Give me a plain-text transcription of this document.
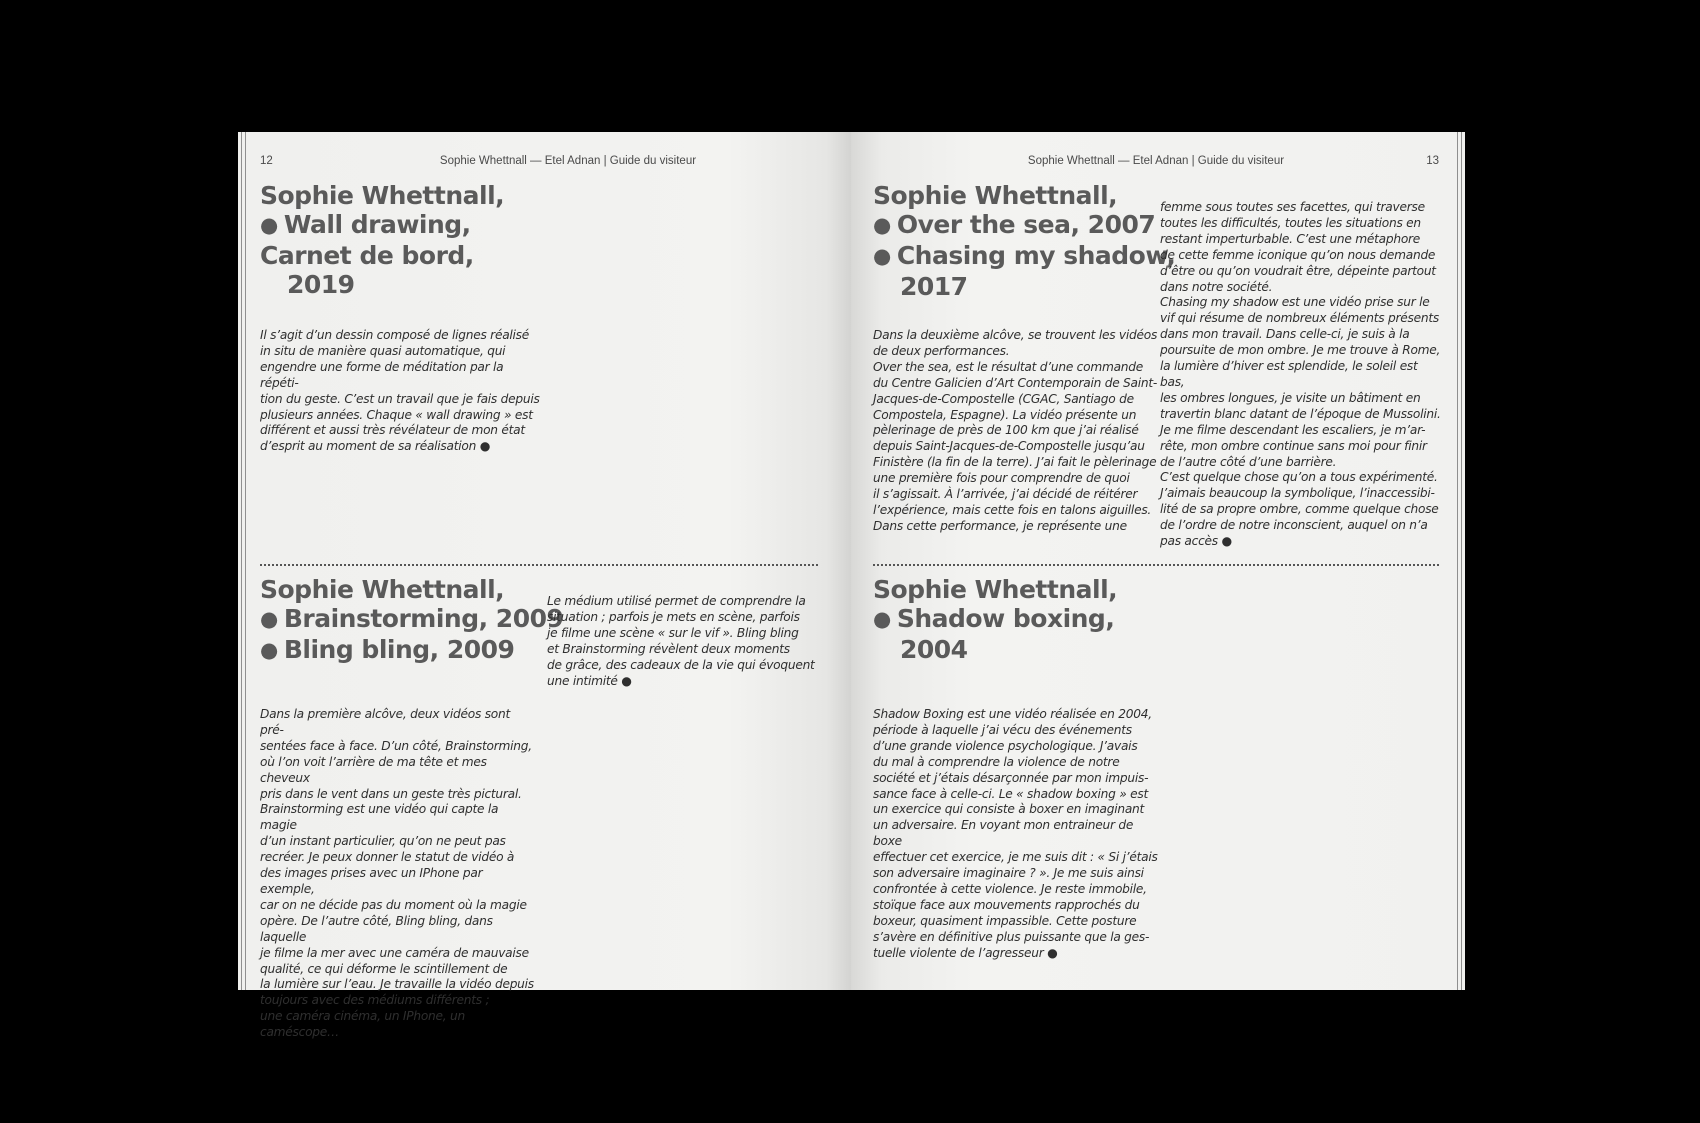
12	Sophie Whettnall — Etel Adnan | Guide du visiteur
Sophie Whettnall,
● Wall drawing,
Carnet de bord,
2019

Il s’agit d’un dessin composé de lignes réalisé
in situ de manière quasi automatique, qui
engendre une forme de méditation par la répéti-
tion du geste. C’est un travail que je fais depuis
plusieurs années. Chaque « wall drawing » est
différent et aussi très révélateur de mon état
d’esprit au moment de sa réalisation ●

Sophie Whettnall,
● Brainstorming, 2009
● Bling bling, 2009

Dans la première alcôve, deux vidéos sont pré-
sentées face à face. D’un côté, Brainstorming,
où l’on voit l’arrière de ma tête et mes cheveux
pris dans le vent dans un geste très pictural.
Brainstorming est une vidéo qui capte la magie
d’un instant particulier, qu’on ne peut pas
recréer. Je peux donner le statut de vidéo à
des images prises avec un IPhone par exemple,
car on ne décide pas du moment où la magie
opère. De l’autre côté, Bling bling, dans laquelle
je filme la mer avec une caméra de mauvaise
qualité, ce qui déforme le scintillement de
la lumière sur l’eau. Je travaille la vidéo depuis
toujours avec des médiums différents ;
une caméra cinéma, un IPhone, un caméscope…

Le médium utilisé permet de comprendre la
situation ; parfois je mets en scène, parfois
je filme une scène « sur le vif ». Bling bling
et Brainstorming révèlent deux moments
de grâce, des cadeaux de la vie qui évoquent
une intimité ●

Sophie Whettnall — Etel Adnan | Guide du visiteur	13
Sophie Whettnall,
● Over the sea, 2007
● Chasing my shadow,
2017

Dans la deuxième alcôve, se trouvent les vidéos
de deux performances.
Over the sea, est le résultat d’une commande
du Centre Galicien d’Art Contemporain de Saint-
Jacques-de-Compostelle (CGAC, Santiago de
Compostela, Espagne). La vidéo présente un
pèlerinage de près de 100 km que j’ai réalisé
depuis Saint-Jacques-de-Compostelle jusqu’au
Finistère (la fin de la terre). J’ai fait le pèlerinage
une première fois pour comprendre de quoi
il s’agissait. À l’arrivée, j’ai décidé de réitérer
l’expérience, mais cette fois en talons aiguilles.
Dans cette performance, je représente une

femme sous toutes ses facettes, qui traverse
toutes les difficultés, toutes les situations en
restant imperturbable. C’est une métaphore
de cette femme iconique qu’on nous demande
d’être ou qu’on voudrait être, dépeinte partout
dans notre société.
Chasing my shadow est une vidéo prise sur le
vif qui résume de nombreux éléments présents
dans mon travail. Dans celle-ci, je suis à la
poursuite de mon ombre. Je me trouve à Rome,
la lumière d’hiver est splendide, le soleil est bas,
les ombres longues, je visite un bâtiment en
travertin blanc datant de l’époque de Mussolini.
Je me filme descendant les escaliers, je m’ar-
rête, mon ombre continue sans moi pour finir
de l’autre côté d’une barrière.
C’est quelque chose qu’on a tous expérimenté.
J’aimais beaucoup la symbolique, l’inaccessibi-
lité de sa propre ombre, comme quelque chose
de l’ordre de notre inconscient, auquel on n’a
pas accès ●

Sophie Whettnall,
● Shadow boxing,
2004

Shadow Boxing est une vidéo réalisée en 2004,
période à laquelle j’ai vécu des événements
d’une grande violence psychologique. J’avais
du mal à comprendre la violence de notre
société et j’étais désarçonnée par mon impuis-
sance face à celle-ci. Le « shadow boxing » est
un exercice qui consiste à boxer en imaginant
un adversaire. En voyant mon entraineur de boxe
effectuer cet exercice, je me suis dit : « Si j’étais
son adversaire imaginaire ? ». Je me suis ainsi
confrontée à cette violence. Je reste immobile,
stoïque face aux mouvements rapprochés du
boxeur, quasiment impassible. Cette posture
s’avère en définitive plus puissante que la ges-
tuelle violente de l’agresseur ●
